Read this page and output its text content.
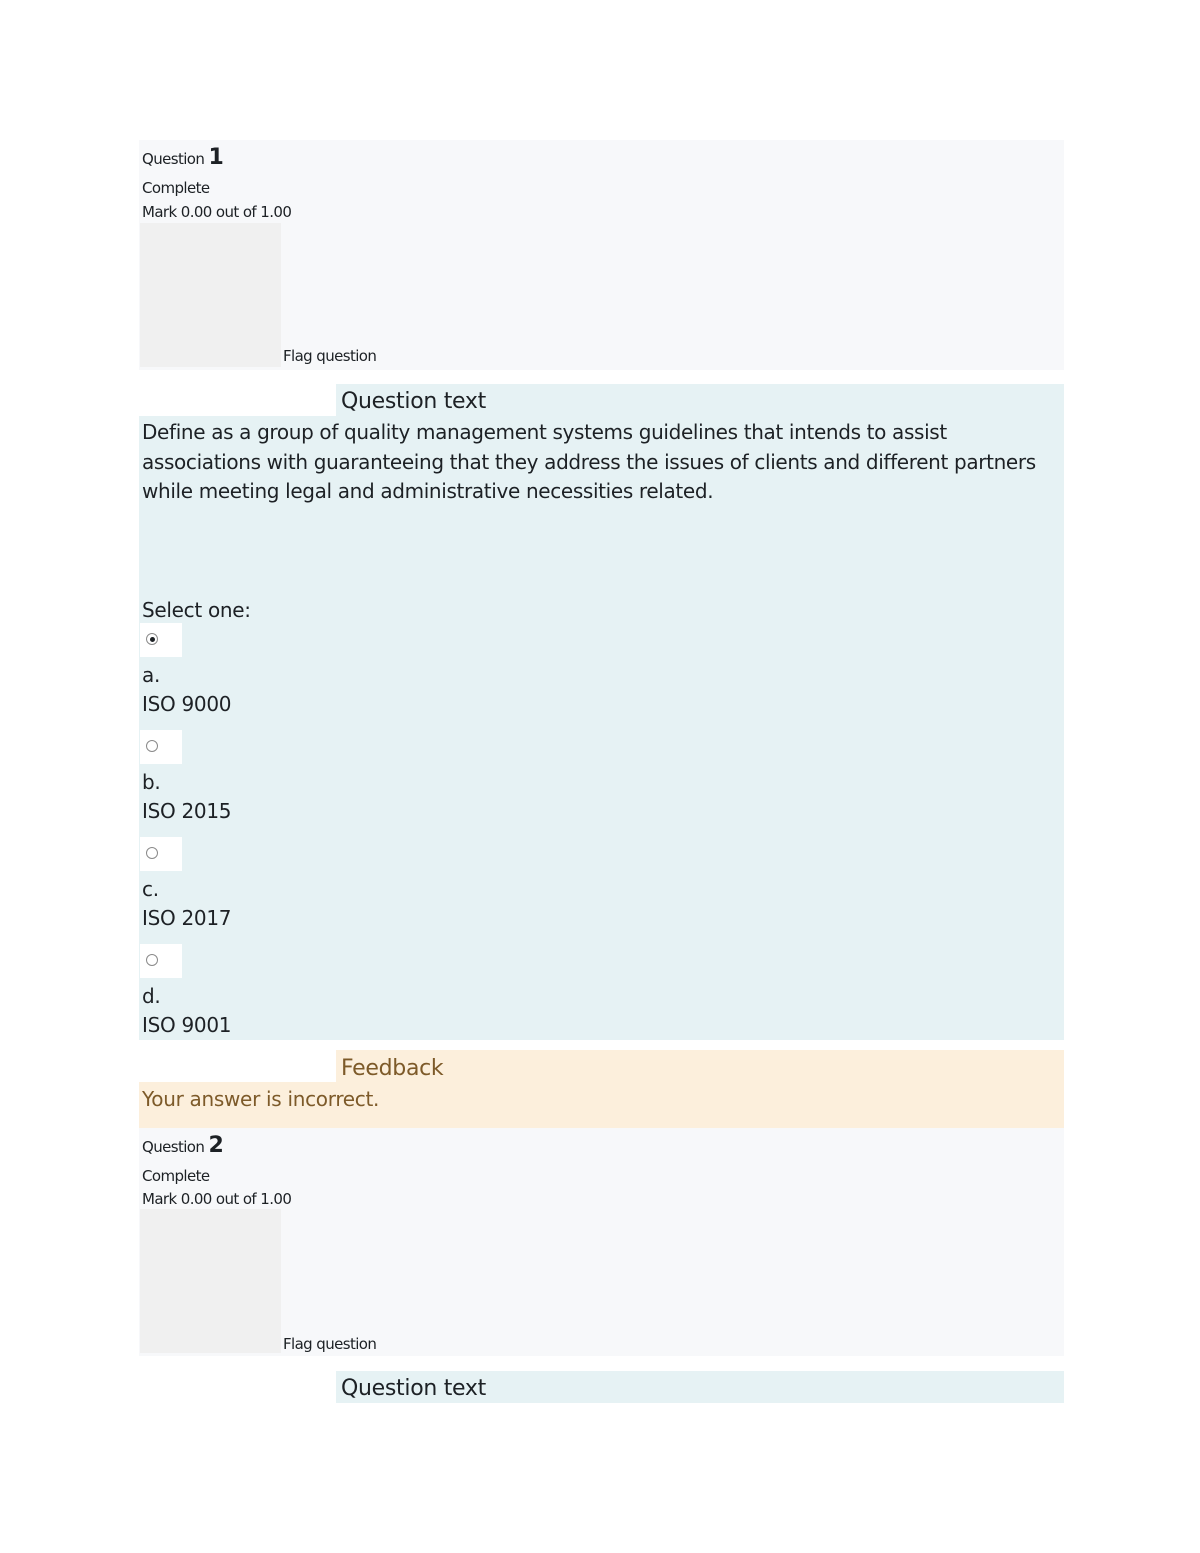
Question 1
Complete
Mark 0.00 out of 1.00
Flag question
Question text

Define as a group of quality management systems guidelines that intends to assist associations with guaranteeing that they address the issues of clients and different partners while meeting legal and administrative necessities related.

Select one:
a.
ISO 9000
b.
ISO 2015
c.
ISO 2017
d.
ISO 9001
Feedback
Your answer is incorrect.
Question 2
Complete
Mark 0.00 out of 1.00
Flag question
Question text
